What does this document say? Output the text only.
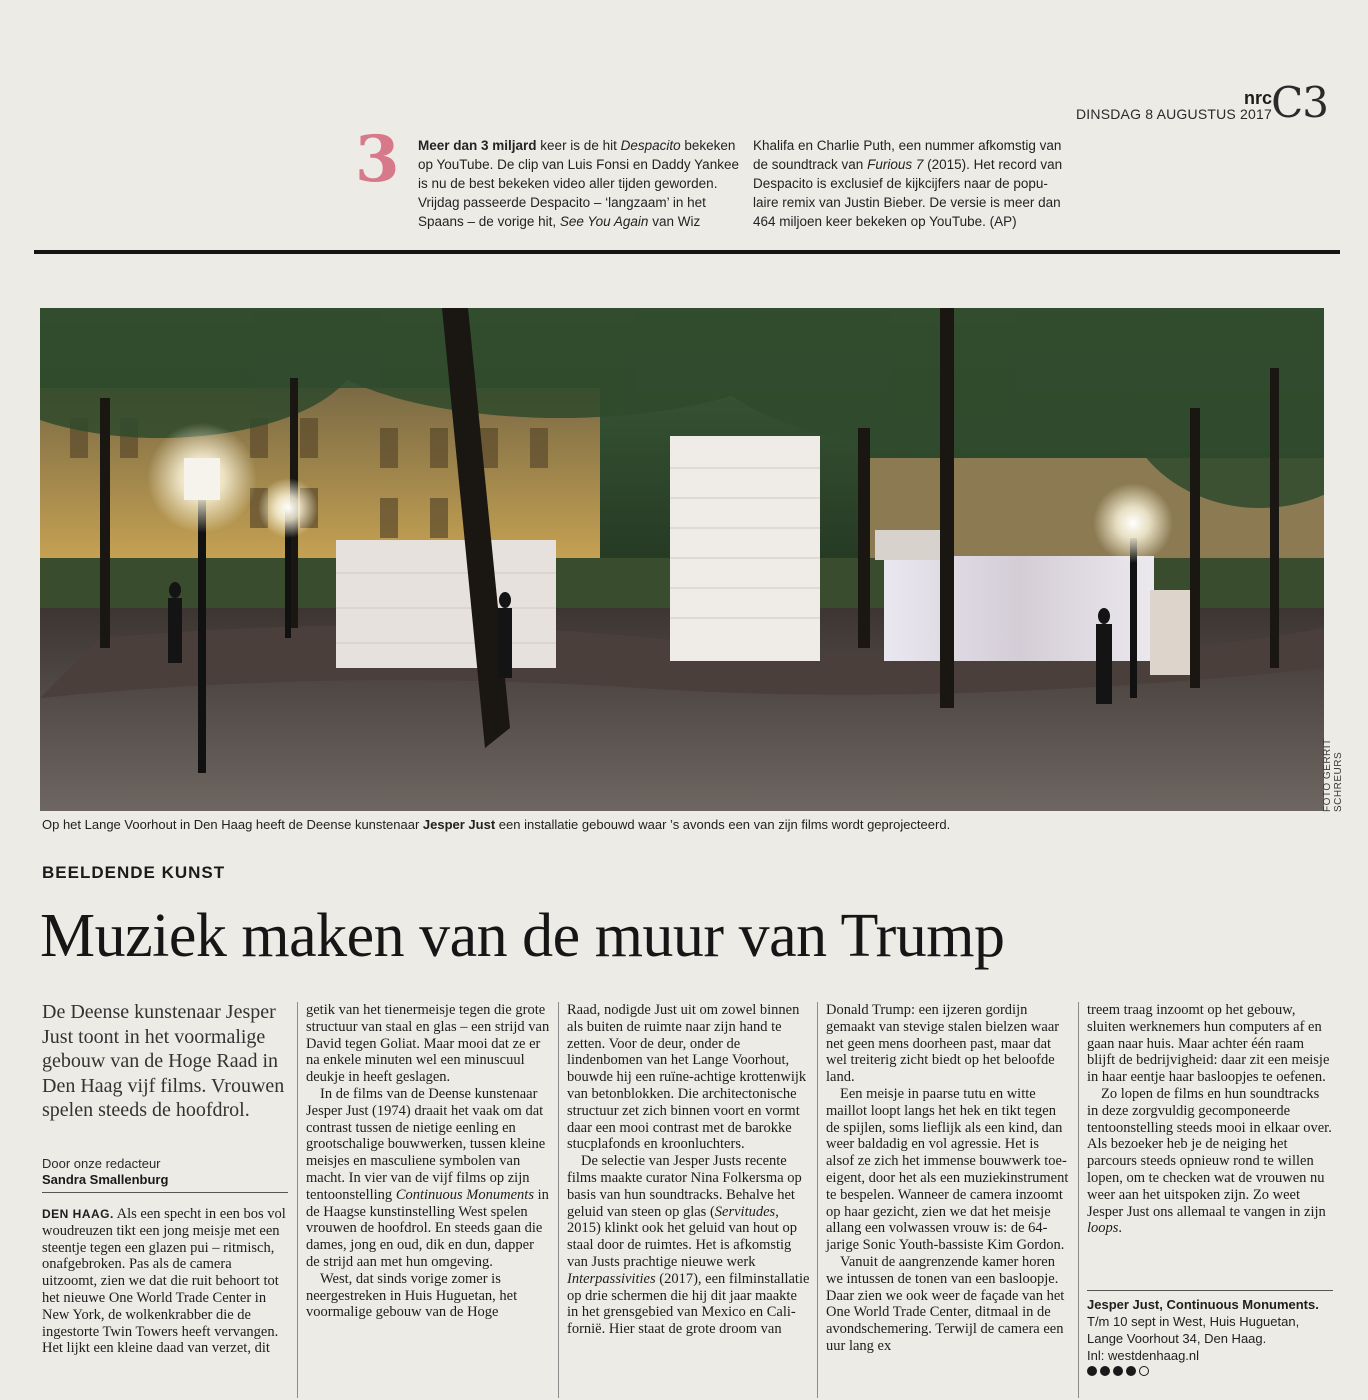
nrc C3
DINSDAG 8 AUGUSTUS 2017
3 Meer dan 3 miljard keer is de hit Despacito bekeken op YouTube. De clip van Luis Fonsi en Daddy Yankee is nu de best bekeken video aller tijden geworden. Vrijdag passeerde Despacito – ‘langzaam’ in het Spaans – de vorige hit, See You Again van Wiz
Khalifa en Charlie Puth, een nummer afkomstig van de soundtrack van Furious 7 (2015). Het record van Despacito is exclusief de kijkcijfers naar de populaire remix van Justin Bieber. De versie is meer dan 464 miljoen keer bekeken op YouTube. (AP)
FOTO GERRIT SCHREURS
Op het Lange Voorhout in Den Haag heeft de Deense kunstenaar Jesper Just een installatie gebouwd waar ’s avonds een van zijn films wordt geprojecteerd.
BEELDENDE KUNST
Muziek maken van de muur van Trump
De Deense kunstenaar Jesper Just toont in het voormalige gebouw van de Hoge Raad in Den Haag vijf films. Vrouwen spelen steeds de hoofdrol.
Door onze redacteur
Sandra Smallenburg

DEN HAAG. Als een specht in een bos vol woudreuzen tikt een jong meisje met een steentje tegen een glazen pui – ritmisch, onafgebroken. Pas als de camera uitzoomt, zien we dat die ruit behoort tot het nieuwe One World Trade Center in New York, de wolkenkrabber die de ingestorte Twin Towers heeft vervangen. Het lijkt een kleine daad van verzet, dit

getik van het tienermeisje tegen die grote structuur van staal en glas – een strijd van David tegen Goliat. Maar mooi dat ze er na enkele minuten wel een minuscuul deukje in heeft geslagen.

In de films van de Deense kunstenaar Jesper Just (1974) draait het vaak om dat contrast tussen de nietige eenling en grootschalige bouwwerken, tussen kleine meisjes en masculiene symbolen van macht. In vier van de vijf films op zijn tentoonstelling Continuous Monuments in de Haagse kunstinstelling West spelen vrouwen de hoofdrol. En steeds gaan die dames, jong en oud, dik en dun, dapper de strijd aan met hun omgeving.

West, dat sinds vorige zomer is neergestreken in Huis Huguetan, het voormalige gebouw van de Hoge

Raad, nodigde Just uit om zowel binnen als buiten de ruimte naar zijn hand te zetten. Voor de deur, onder de lindenbomen van het Lange Voorhout, bouwde hij een ruïne-achtige krottenwijk van betonblokken. Die architectonische structuur zet zich binnen voort en vormt daar een mooi contrast met de barokke stucplafonds en kroonluchters.

De selectie van Jesper Justs recente films maakte curator Nina Folkersma op basis van hun soundtracks. Behalve het geluid van steen op glas (Servitudes, 2015) klinkt ook het geluid van hout op staal door de ruimtes. Het is afkomstig van Justs prachtige nieuwe werk Interpassivities (2017), een filminstallatie op drie schermen die hij dit jaar maakte in het grensgebied van Mexico en Californië. Hier staat de grote droom van

Donald Trump: een ijzeren gordijn gemaakt van stevige stalen bielzen waar net geen mens doorheen past, maar dat wel treiterig zicht biedt op het beloofde land.

Een meisje in paarse tutu en witte maillot loopt langs het hek en tikt tegen de spijlen, soms lieflijk als een kind, dan weer baldadig en vol agressie. Het is alsof ze zich het immense bouwwerk toe-eigent, door het als een muziekinstrument te bespelen. Wanneer de camera inzoomt op haar gezicht, zien we dat het meisje allang een volwassen vrouw is: de 64-jarige Sonic Youth-bassiste Kim Gordon.

Vanuit de aangrenzende kamer horen we intussen de tonen van een basloopje. Daar zien we ook weer de façade van het One World Trade Center, ditmaal in de avondschemering. Terwijl de camera een uur lang ex

treem traag inzoomt op het gebouw, sluiten werknemers hun computers af en gaan naar huis. Maar achter één raam blijft de bedrijvigheid: daar zit een meisje in haar eentje haar basloopjes te oefenen.

Zo lopen de films en hun soundtracks in deze zorgvuldig gecomponeerde tentoonstelling steeds mooi in elkaar over. Als bezoeker heb je de neiging het parcours steeds opnieuw rond te willen lopen, om te checken wat de vrouwen nu weer aan het uitspoken zijn. Zo weet Jesper Just ons allemaal te vangen in zijn loops.

Jesper Just, Continuous Monuments.
T/m 10 sept in West, Huis Huguetan,
Lange Voorhout 34, Den Haag.
Inl: westdenhaag.nl
